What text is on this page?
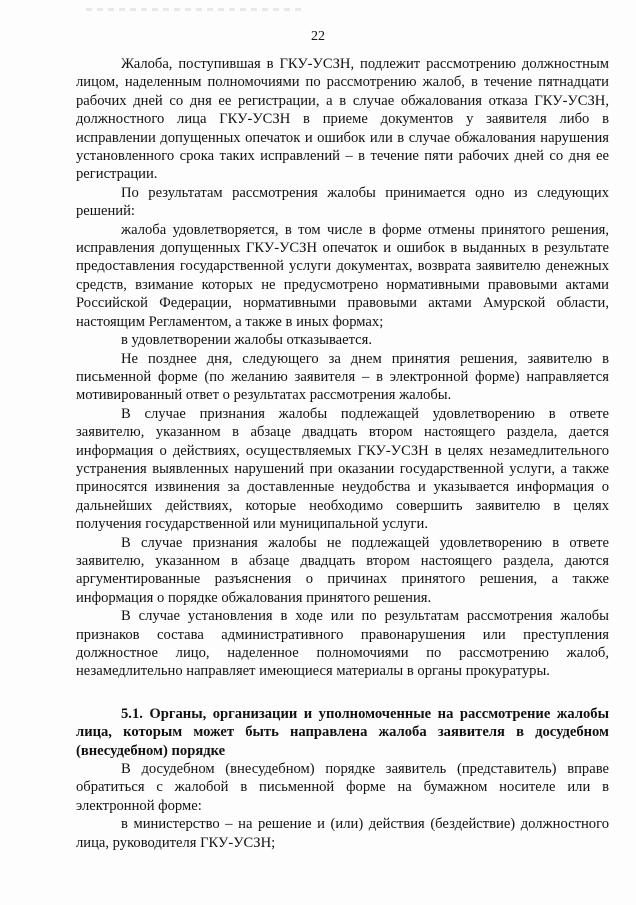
22

Жалоба, поступившая в ГКУ-УСЗН, подлежит рассмотрению должностным лицом, наделенным полномочиями по рассмотрению жалоб, в течение пятнадцати рабочих дней со дня ее регистрации, а в случае обжалования отказа ГКУ-УСЗН, должностного лица ГКУ-УСЗН в приеме документов у заявителя либо в исправлении допущенных опечаток и ошибок или в случае обжалования нарушения установленного срока таких исправлений – в течение пяти рабочих дней со дня ее регистрации.

По результатам рассмотрения жалобы принимается одно из следующих решений:

жалоба удовлетворяется, в том числе в форме отмены принятого решения, исправления допущенных ГКУ-УСЗН опечаток и ошибок в выданных в результате предоставления государственной услуги документах, возврата заявителю денежных средств, взимание которых не предусмотрено нормативными правовыми актами Российской Федерации, нормативными правовыми актами Амурской области, настоящим Регламентом, а также в иных формах;

в удовлетворении жалобы отказывается.

Не позднее дня, следующего за днем принятия решения, заявителю в письменной форме (по желанию заявителя – в электронной форме) направляется мотивированный ответ о результатах рассмотрения жалобы.

В случае признания жалобы подлежащей удовлетворению в ответе заявителю, указанном в абзаце двадцать втором настоящего раздела, дается информация о действиях, осуществляемых ГКУ-УСЗН в целях незамедлительного устранения выявленных нарушений при оказании государственной услуги, а также приносятся извинения за доставленные неудобства и указывается информация о дальнейших действиях, которые необходимо совершить заявителю в целях получения государственной или муниципальной услуги.

В случае признания жалобы не подлежащей удовлетворению в ответе заявителю, указанном в абзаце двадцать втором настоящего раздела, даются аргументированные разъяснения о причинах принятого решения, а также информация о порядке обжалования принятого решения.

В случае установления в ходе или по результатам рассмотрения жалобы признаков состава административного правонарушения или преступления должностное лицо, наделенное полномочиями по рассмотрению жалоб, незамедлительно направляет имеющиеся материалы в органы прокуратуры.

5.1. Органы, организации и уполномоченные на рассмотрение жалобы лица, которым может быть направлена жалоба заявителя в досудебном (внесудебном) порядке

В досудебном (внесудебном) порядке заявитель (представитель) вправе обратиться с жалобой в письменной форме на бумажном носителе или в электронной форме:

в министерство – на решение и (или) действия (бездействие) должностного лица, руководителя ГКУ-УСЗН;
